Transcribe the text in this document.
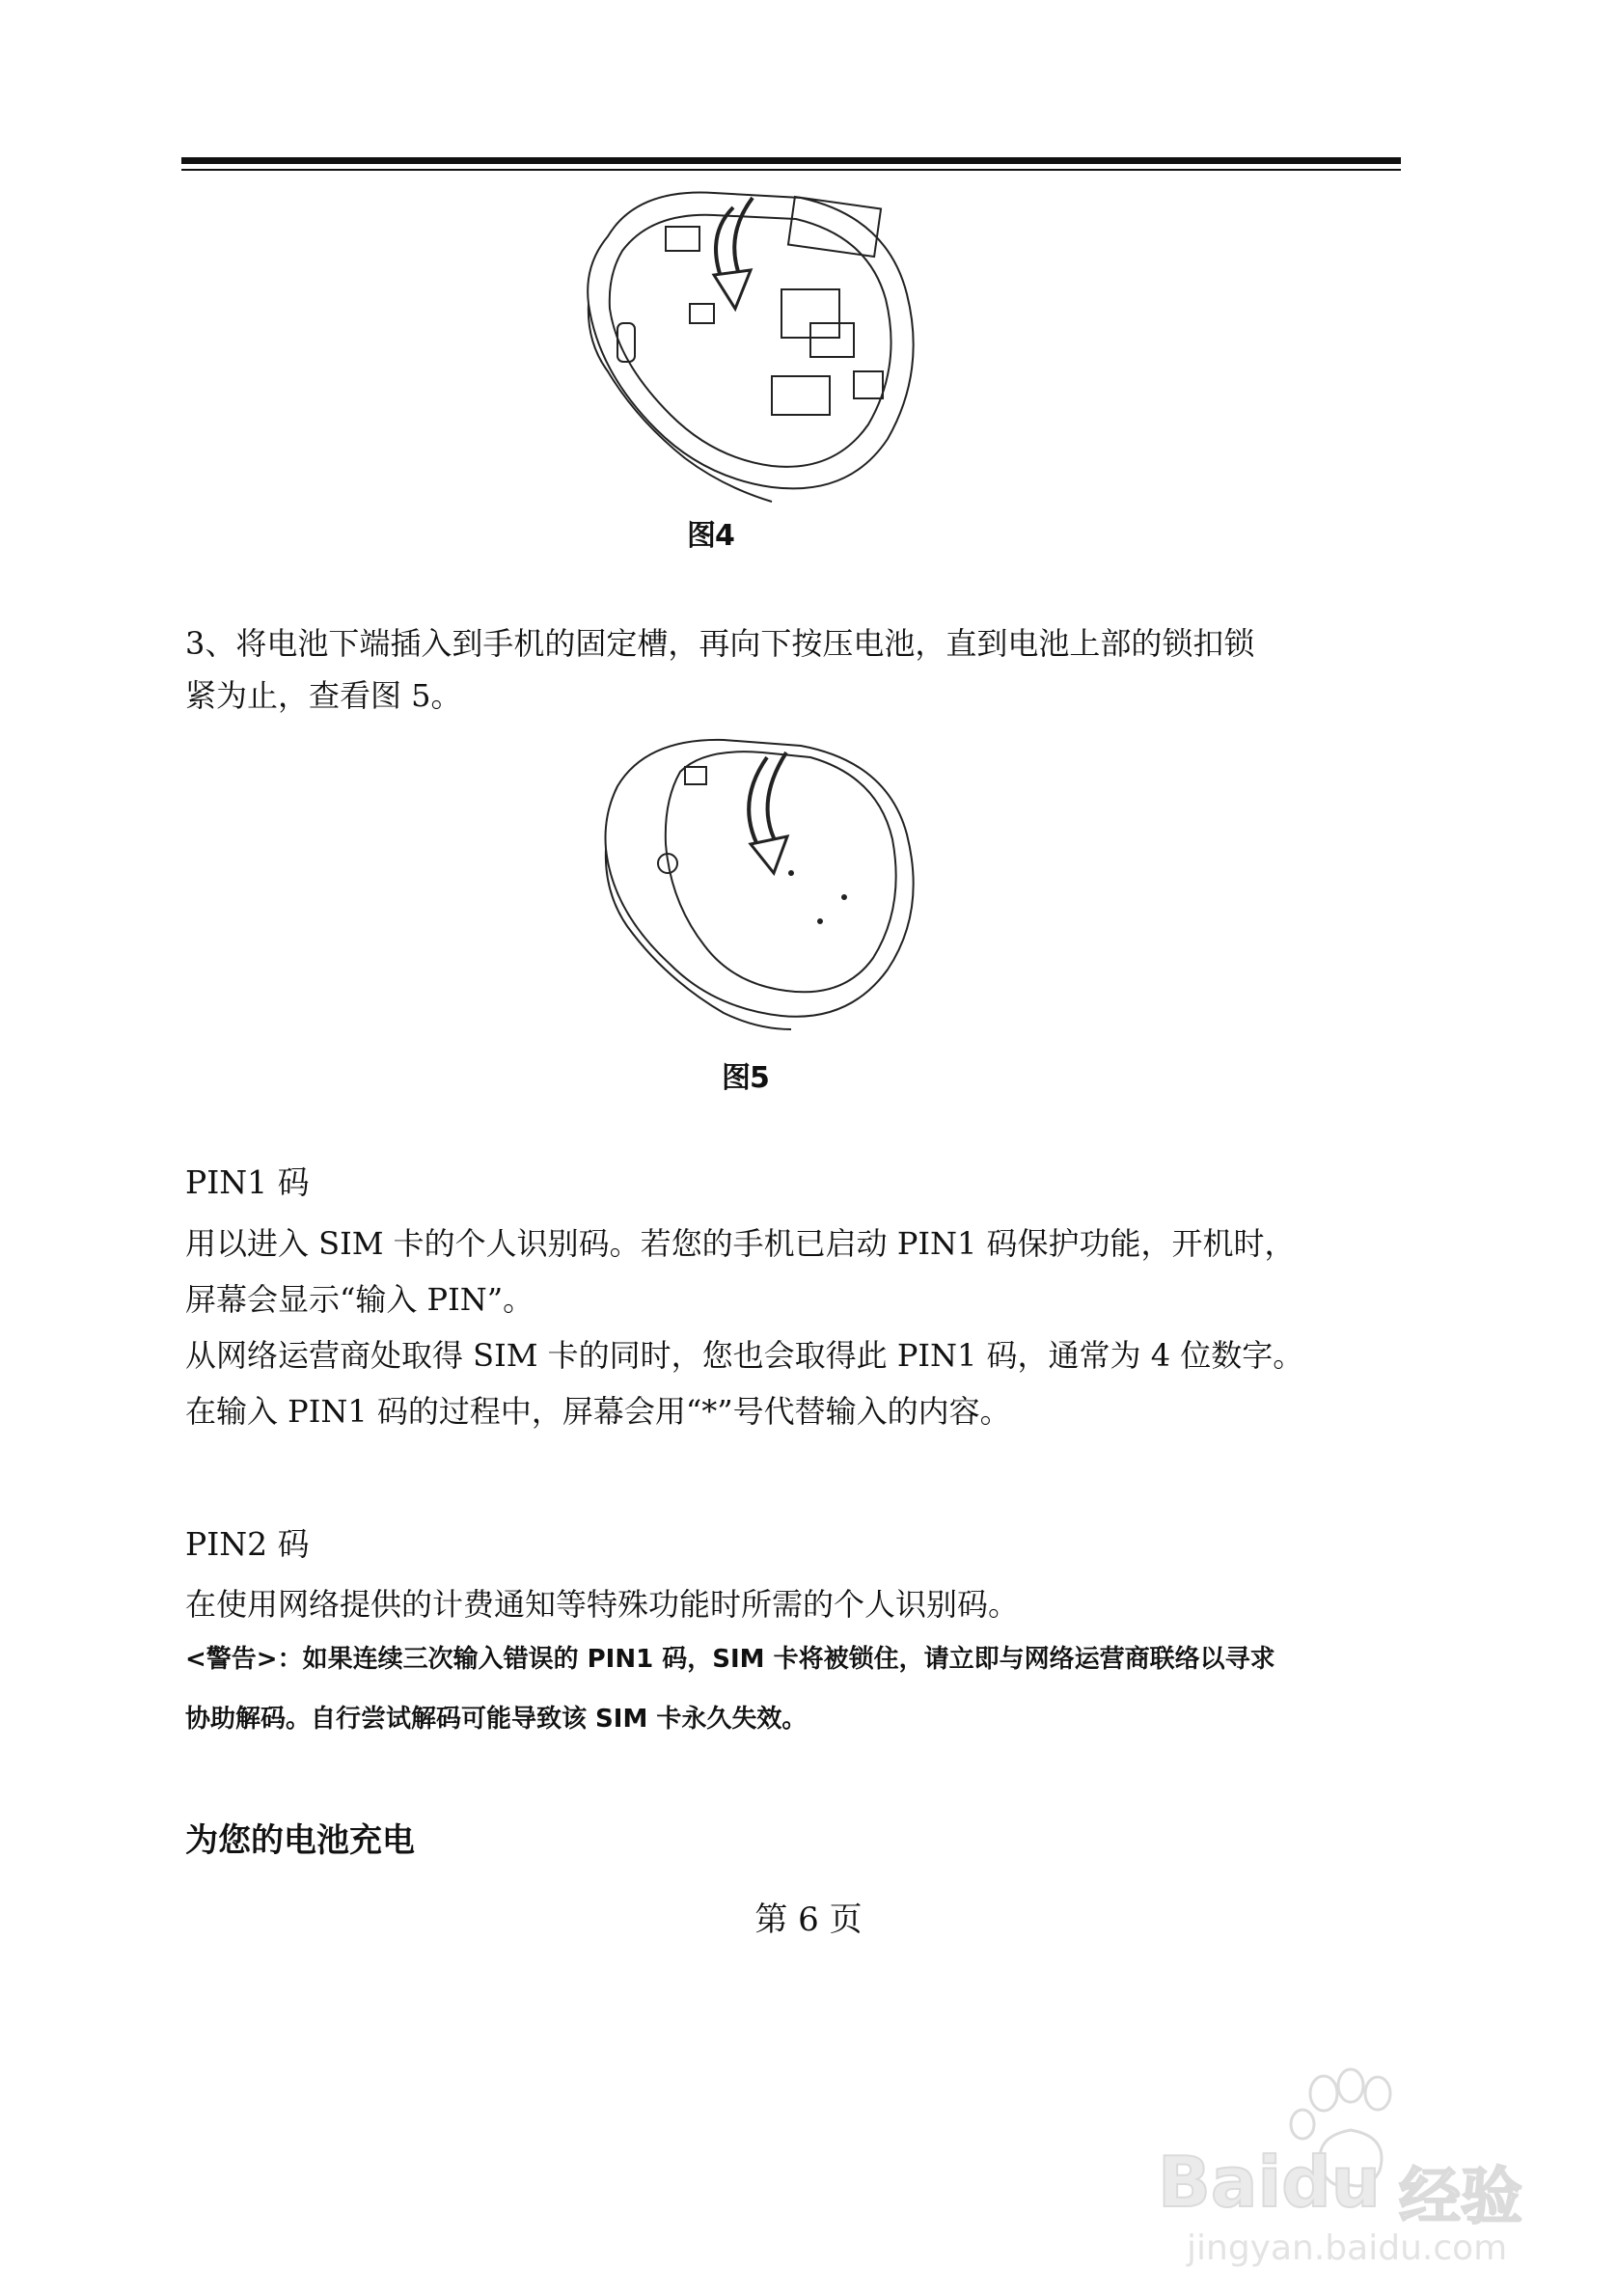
图4
3、将电池下端插入到手机的固定槽，再向下按压电池，直到电池上部的锁扣锁
紧为止，查看图 5。
图5
PIN1 码
用以进入 SIM 卡的个人识别码。若您的手机已启动 PIN1 码保护功能，开机时，
屏幕会显示“输入 PIN”。
从网络运营商处取得 SIM 卡的同时，您也会取得此 PIN1 码，通常为 4 位数字。
在输入 PIN1 码的过程中，屏幕会用“*”号代替输入的内容。
PIN2 码
在使用网络提供的计费通知等特殊功能时所需的个人识别码。
<警告>：如果连续三次输入错误的 PIN1 码，SIM 卡将被锁住，请立即与网络运营商联络以寻求
协助解码。自行尝试解码可能导致该 SIM 卡永久失效。
为您的电池充电
第 6 页
Baidu 经验
jingyan.baidu.com
